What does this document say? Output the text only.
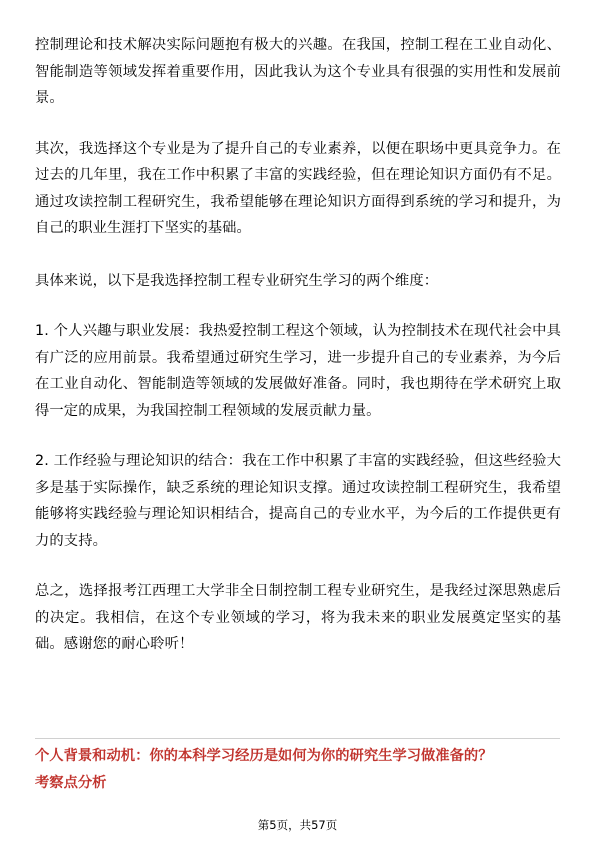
控制理论和技术解决实际问题抱有极大的兴趣。在我国，控制工程在工业自动化、智能制造等领域发挥着重要作用，因此我认为这个专业具有很强的实用性和发展前景。

其次，我选择这个专业是为了提升自己的专业素养，以便在职场中更具竞争力。在过去的几年里，我在工作中积累了丰富的实践经验，但在理论知识方面仍有不足。通过攻读控制工程研究生，我希望能够在理论知识方面得到系统的学习和提升，为自己的职业生涯打下坚实的基础。

具体来说，以下是我选择控制工程专业研究生学习的两个维度：

1. 个人兴趣与职业发展：我热爱控制工程这个领域，认为控制技术在现代社会中具有广泛的应用前景。我希望通过研究生学习，进一步提升自己的专业素养，为今后在工业自动化、智能制造等领域的发展做好准备。同时，我也期待在学术研究上取得一定的成果，为我国控制工程领域的发展贡献力量。

2. 工作经验与理论知识的结合：我在工作中积累了丰富的实践经验，但这些经验大多是基于实际操作，缺乏系统的理论知识支撑。通过攻读控制工程研究生，我希望能够将实践经验与理论知识相结合，提高自己的专业水平，为今后的工作提供更有力的支持。

总之，选择报考江西理工大学非全日制控制工程专业研究生，是我经过深思熟虑后的决定。我相信，在这个专业领域的学习，将为我未来的职业发展奠定坚实的基础。感谢您的耐心聆听！

个人背景和动机：你的本科学习经历是如何为你的研究生学习做准备的？
考察点分析
第5页，共57页
